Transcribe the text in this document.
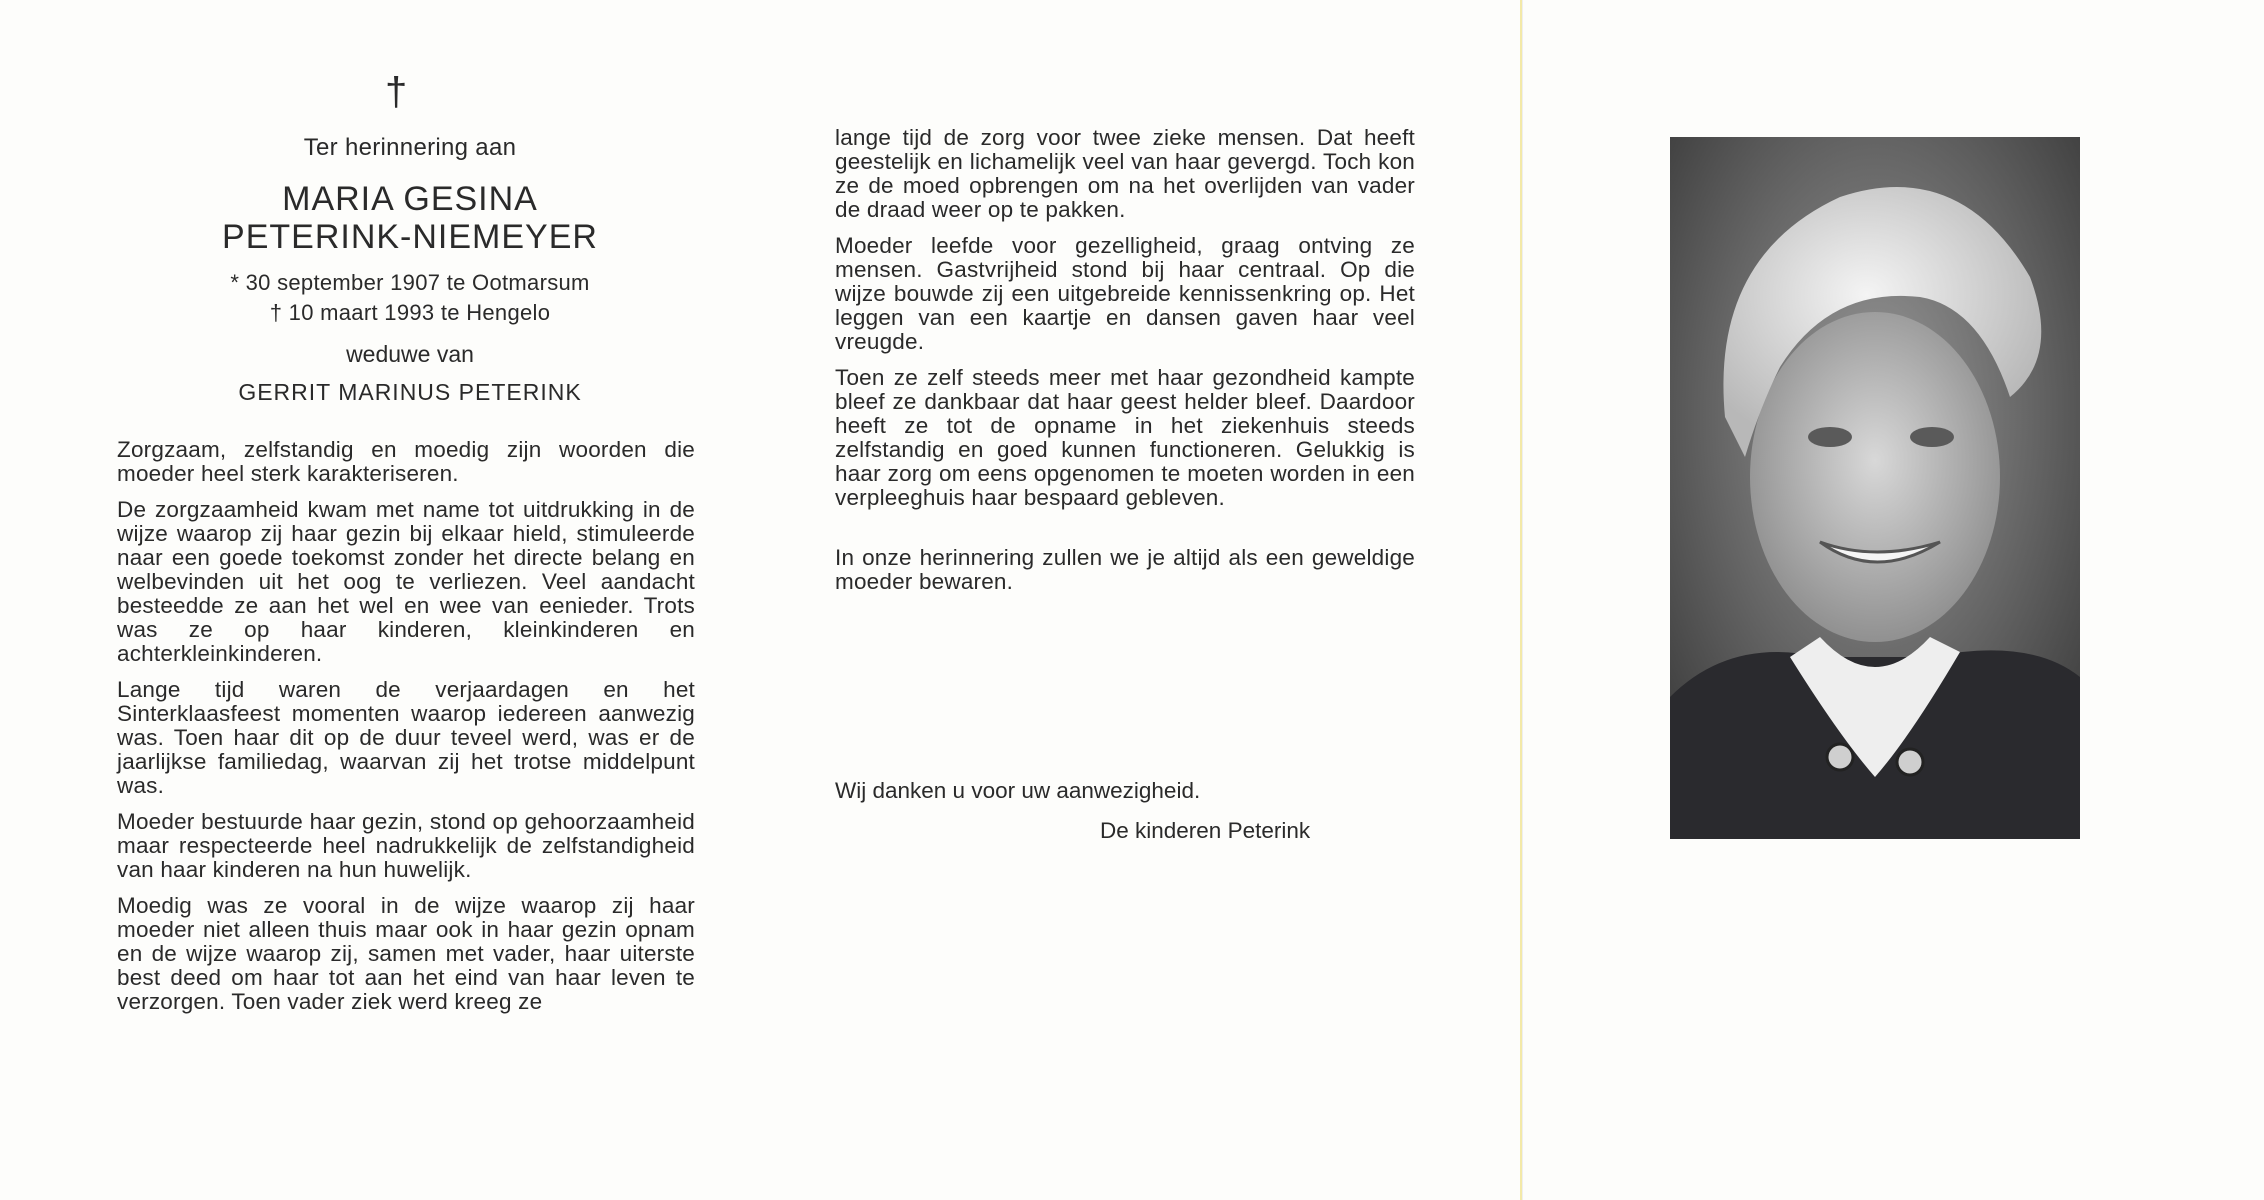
†
Ter herinnering aan
MARIA GESINA
PETERINK-NIEMEYER
* 30 september 1907 te Ootmarsum
† 10 maart 1993 te Hengelo
weduwe van
GERRIT MARINUS PETERINK

Zorgzaam, zelfstandig en moedig zijn woorden die moeder heel sterk karakteriseren.

De zorgzaamheid kwam met name tot uitdrukking in de wijze waarop zij haar gezin bij elkaar hield, stimuleerde naar een goede toekomst zonder het directe belang en welbevinden uit het oog te verliezen. Veel aandacht besteedde ze aan het wel en wee van eenieder. Trots was ze op haar kinderen, kleinkinderen en achterkleinkinderen.

Lange tijd waren de verjaardagen en het Sinterklaasfeest momenten waarop iedereen aanwezig was. Toen haar dit op de duur teveel werd, was er de jaarlijkse familiedag, waarvan zij het trotse middelpunt was.

Moeder bestuurde haar gezin, stond op gehoorzaamheid maar respecteerde heel nadrukkelijk de zelfstandigheid van haar kinderen na hun huwelijk.

Moedig was ze vooral in de wijze waarop zij haar moeder niet alleen thuis maar ook in haar gezin opnam en de wijze waarop zij, samen met vader, haar uiterste best deed om haar tot aan het eind van haar leven te verzorgen. Toen vader ziek werd kreeg ze

lange tijd de zorg voor twee zieke mensen. Dat heeft geestelijk en lichamelijk veel van haar gevergd. Toch kon ze de moed opbrengen om na het overlijden van vader de draad weer op te pakken.

Moeder leefde voor gezelligheid, graag ontving ze mensen. Gastvrijheid stond bij haar centraal. Op die wijze bouwde zij een uitgebreide kennissenkring op. Het leggen van een kaartje en dansen gaven haar veel vreugde.

Toen ze zelf steeds meer met haar gezondheid kampte bleef ze dankbaar dat haar geest helder bleef. Daardoor heeft ze tot de opname in het ziekenhuis steeds zelfstandig en goed kunnen functioneren. Gelukkig is haar zorg om eens opgenomen te moeten worden in een verpleeghuis haar bespaard gebleven.

In onze herinnering zullen we je altijd als een geweldige moeder bewaren.

Wij danken u voor uw aanwezigheid.
De kinderen Peterink
